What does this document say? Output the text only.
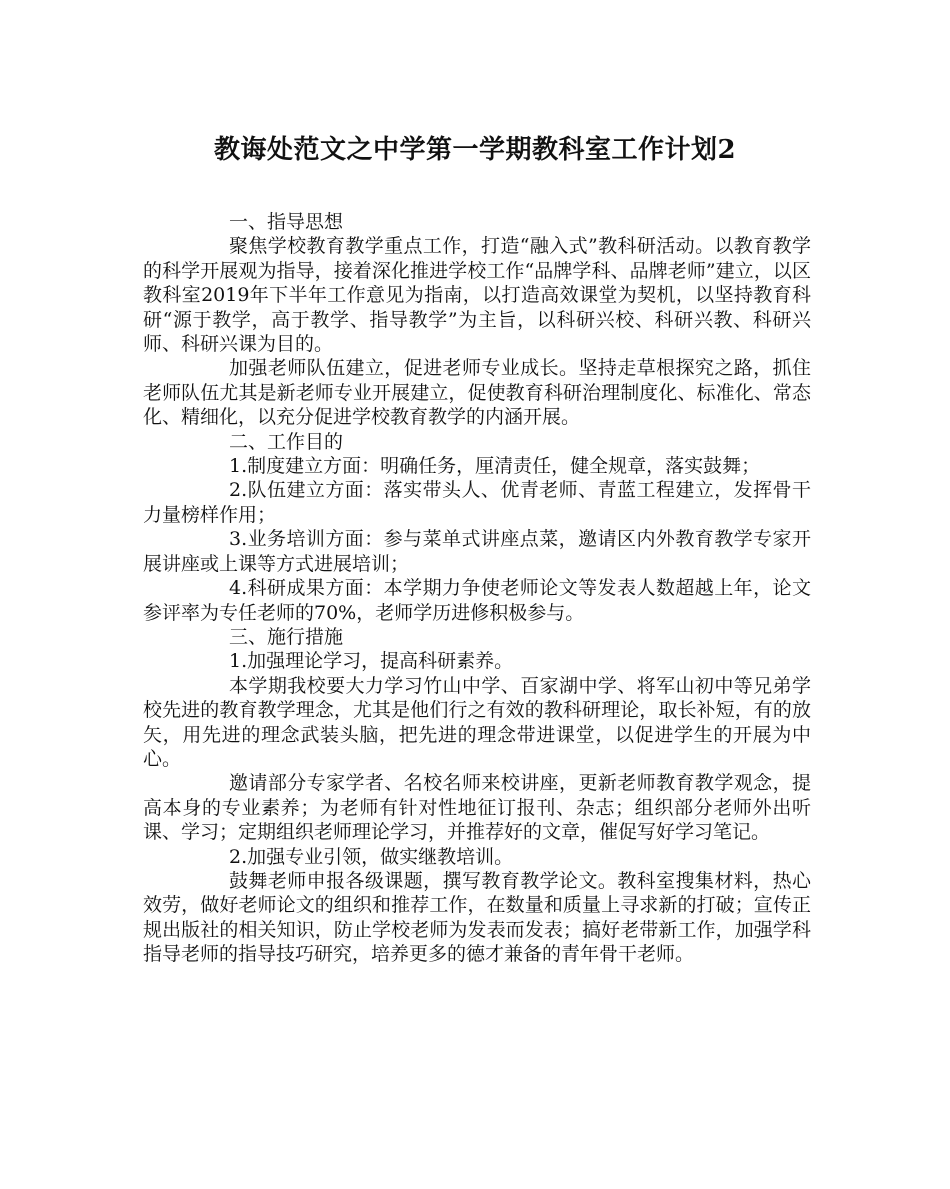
教诲处范文之中学第一学期教科室工作计划2

一、指导思想

聚焦学校教育教学重点工作，打造“融入式”教科研活动。以教育教学的科学开展观为指导，接着深化推进学校工作“品牌学科、品牌老师”建立，以区教科室2019年下半年工作意见为指南，以打造高效课堂为契机，以坚持教育科研“源于教学，高于教学、指导教学”为主旨，以科研兴校、科研兴教、科研兴师、科研兴课为目的。

加强老师队伍建立，促进老师专业成长。坚持走草根探究之路，抓住老师队伍尤其是新老师专业开展建立，促使教育科研治理制度化、标准化、常态化、精细化，以充分促进学校教育教学的内涵开展。

二、工作目的

1.制度建立方面：明确任务，厘清责任，健全规章，落实鼓舞；

2.队伍建立方面：落实带头人、优青老师、青蓝工程建立，发挥骨干力量榜样作用；

3.业务培训方面：参与菜单式讲座点菜，邀请区内外教育教学专家开展讲座或上课等方式进展培训；

4.科研成果方面：本学期力争使老师论文等发表人数超越上年，论文参评率为专任老师的70%，老师学历进修积极参与。

三、施行措施

1.加强理论学习，提高科研素养。

本学期我校要大力学习竹山中学、百家湖中学、将军山初中等兄弟学校先进的教育教学理念，尤其是他们行之有效的教科研理论，取长补短，有的放矢，用先进的理念武装头脑，把先进的理念带进课堂，以促进学生的开展为中心。

邀请部分专家学者、名校名师来校讲座，更新老师教育教学观念，提高本身的专业素养；为老师有针对性地征订报刊、杂志；组织部分老师外出听课、学习；定期组织老师理论学习，并推荐好的文章，催促写好学习笔记。

2.加强专业引领，做实继教培训。

鼓舞老师申报各级课题，撰写教育教学论文。教科室搜集材料，热心效劳，做好老师论文的组织和推荐工作，在数量和质量上寻求新的打破；宣传正规出版社的相关知识，防止学校老师为发表而发表；搞好老带新工作，加强学科指导老师的指导技巧研究，培养更多的德才兼备的青年骨干老师。
